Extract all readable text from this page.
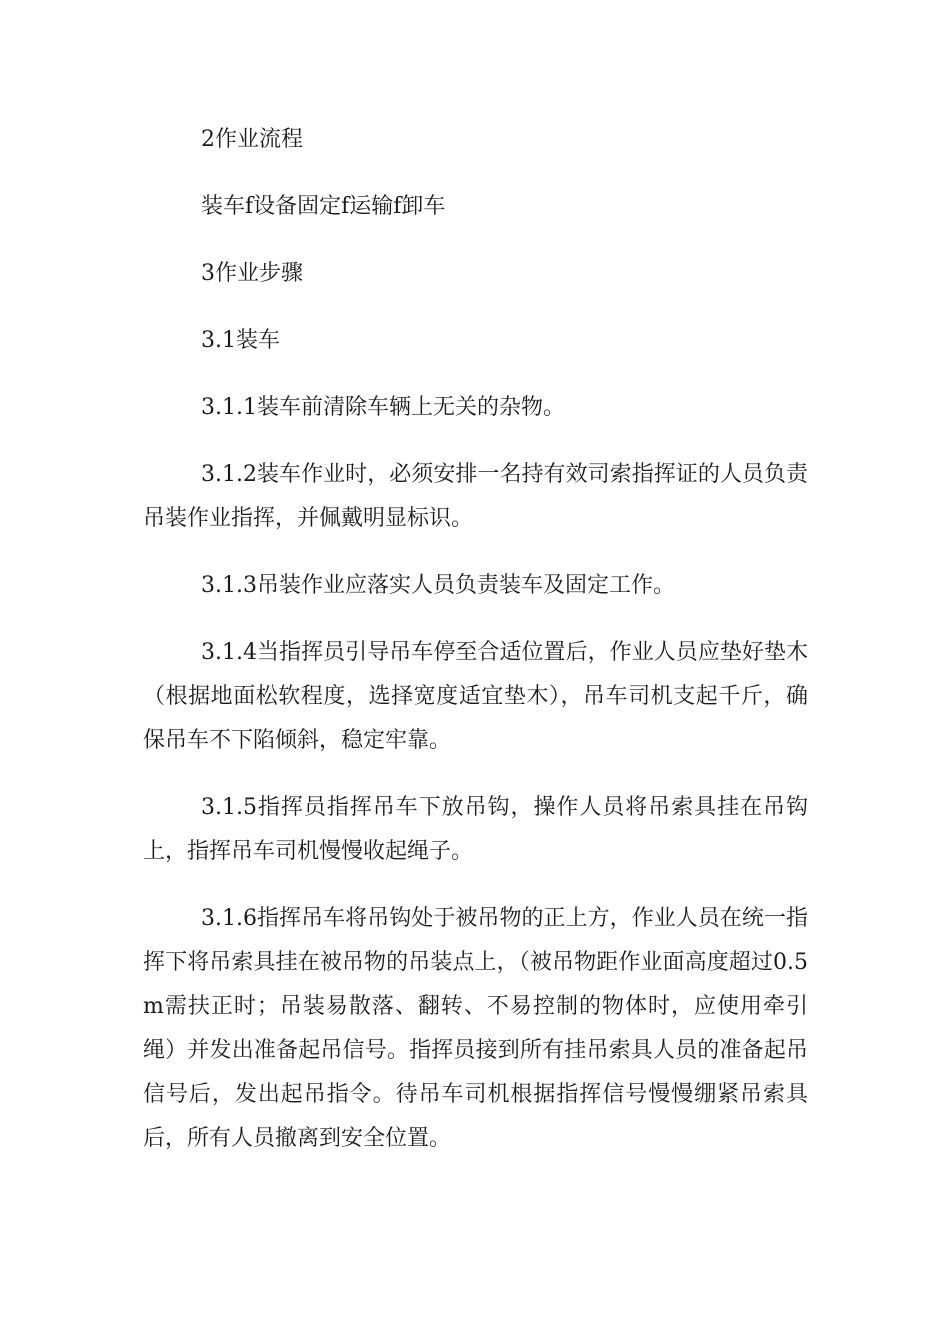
2作业流程

装车f设备固定f运输f卸车

3作业步骤

3.1装车

3.1.1装车前清除车辆上无关的杂物。

3.1.2装车作业时，必须安排一名持有效司索指挥证的人员负责吊装作业指挥，并佩戴明显标识。

3.1.3吊装作业应落实人员负责装车及固定工作。

3.1.4当指挥员引导吊车停至合适位置后，作业人员应垫好垫木（根据地面松软程度，选择宽度适宜垫木），吊车司机支起千斤，确保吊车不下陷倾斜，稳定牢靠。

3.1.5指挥员指挥吊车下放吊钩，操作人员将吊索具挂在吊钩上，指挥吊车司机慢慢收起绳子。

3.1.6指挥吊车将吊钩处于被吊物的正上方，作业人员在统一指挥下将吊索具挂在被吊物的吊装点上，（被吊物距作业面高度超过0.5m需扶正时；吊装易散落、翻转、不易控制的物体时，应使用牵引绳）并发出准备起吊信号。指挥员接到所有挂吊索具人员的准备起吊信号后，发出起吊指令。待吊车司机根据指挥信号慢慢绷紧吊索具后，所有人员撤离到安全位置。
